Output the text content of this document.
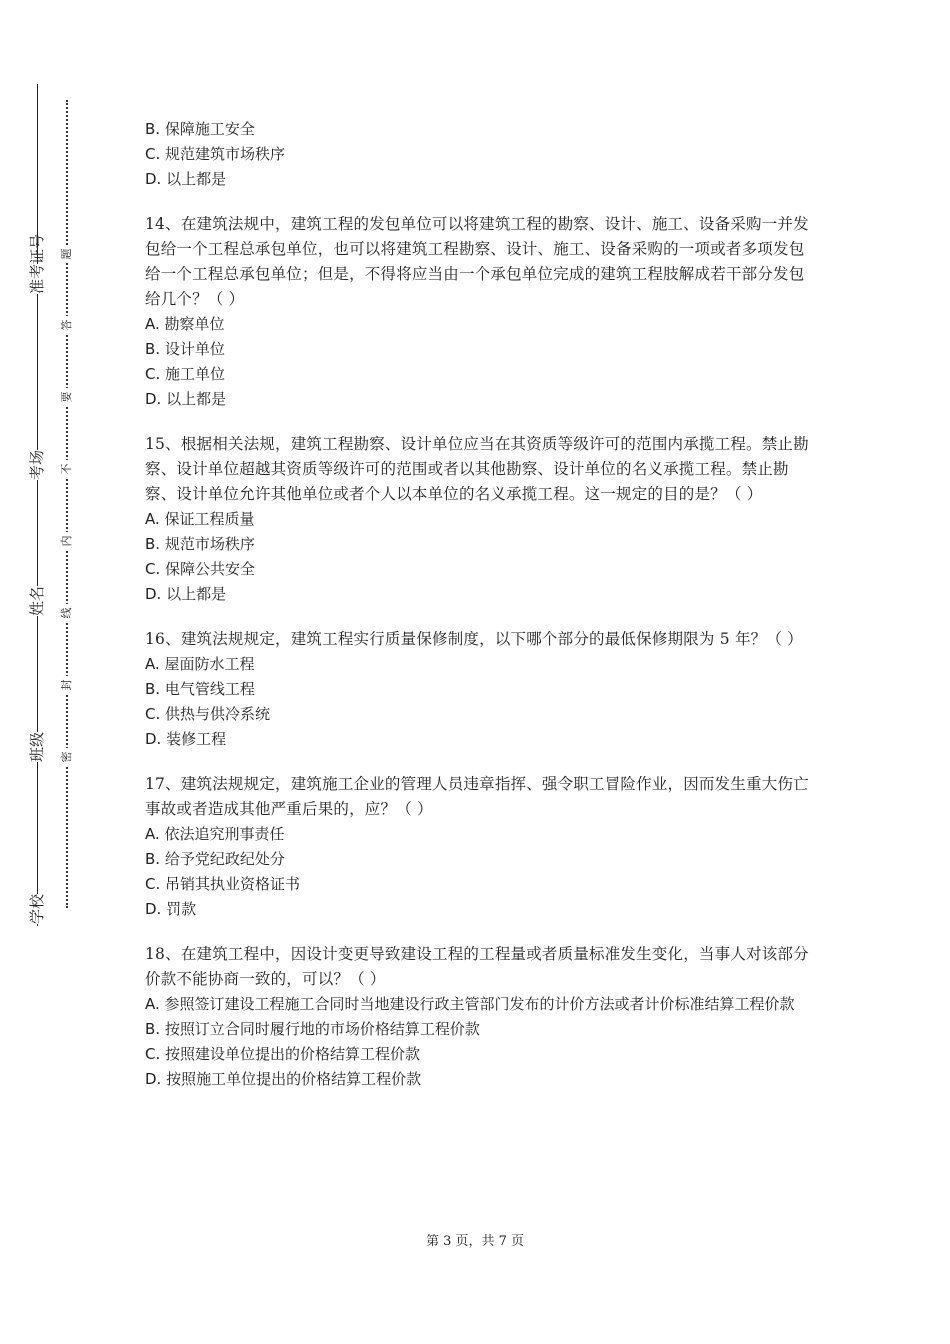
准考证号
考场
姓名
班级
学校
题
答
要
不
内
线
封
密
B. 保障施工安全
C. 规范建筑市场秩序
D. 以上都是

14、在建筑法规中，建筑工程的发包单位可以将建筑工程的勘察、设计、施工、设备采购一并发包给一个工程总承包单位，也可以将建筑工程勘察、设计、施工、设备采购的一项或者多项发包给一个工程总承包单位；但是，不得将应当由一个承包单位完成的建筑工程肢解成若干部分发包给几个？（ ）

A. 勘察单位
B. 设计单位
C. 施工单位
D. 以上都是

15、根据相关法规，建筑工程勘察、设计单位应当在其资质等级许可的范围内承揽工程。禁止勘察、设计单位超越其资质等级许可的范围或者以其他勘察、设计单位的名义承揽工程。禁止勘察、设计单位允许其他单位或者个人以本单位的名义承揽工程。这一规定的目的是？（ ）

A. 保证工程质量
B. 规范市场秩序
C. 保障公共安全
D. 以上都是

16、建筑法规规定，建筑工程实行质量保修制度，以下哪个部分的最低保修期限为 5 年？（ ）

A. 屋面防水工程
B. 电气管线工程
C. 供热与供冷系统
D. 装修工程

17、建筑法规规定，建筑施工企业的管理人员违章指挥、强令职工冒险作业，因而发生重大伤亡事故或者造成其他严重后果的，应？（ ）

A. 依法追究刑事责任
B. 给予党纪政纪处分
C. 吊销其执业资格证书
D. 罚款

18、在建筑工程中，因设计变更导致建设工程的工程量或者质量标准发生变化，当事人对该部分价款不能协商一致的，可以？（ ）

A. 参照签订建设工程施工合同时当地建设行政主管部门发布的计价方法或者计价标准结算工程价款
B. 按照订立合同时履行地的市场价格结算工程价款
C. 按照建设单位提出的价格结算工程价款
D. 按照施工单位提出的价格结算工程价款
第 3 页，共 7 页
